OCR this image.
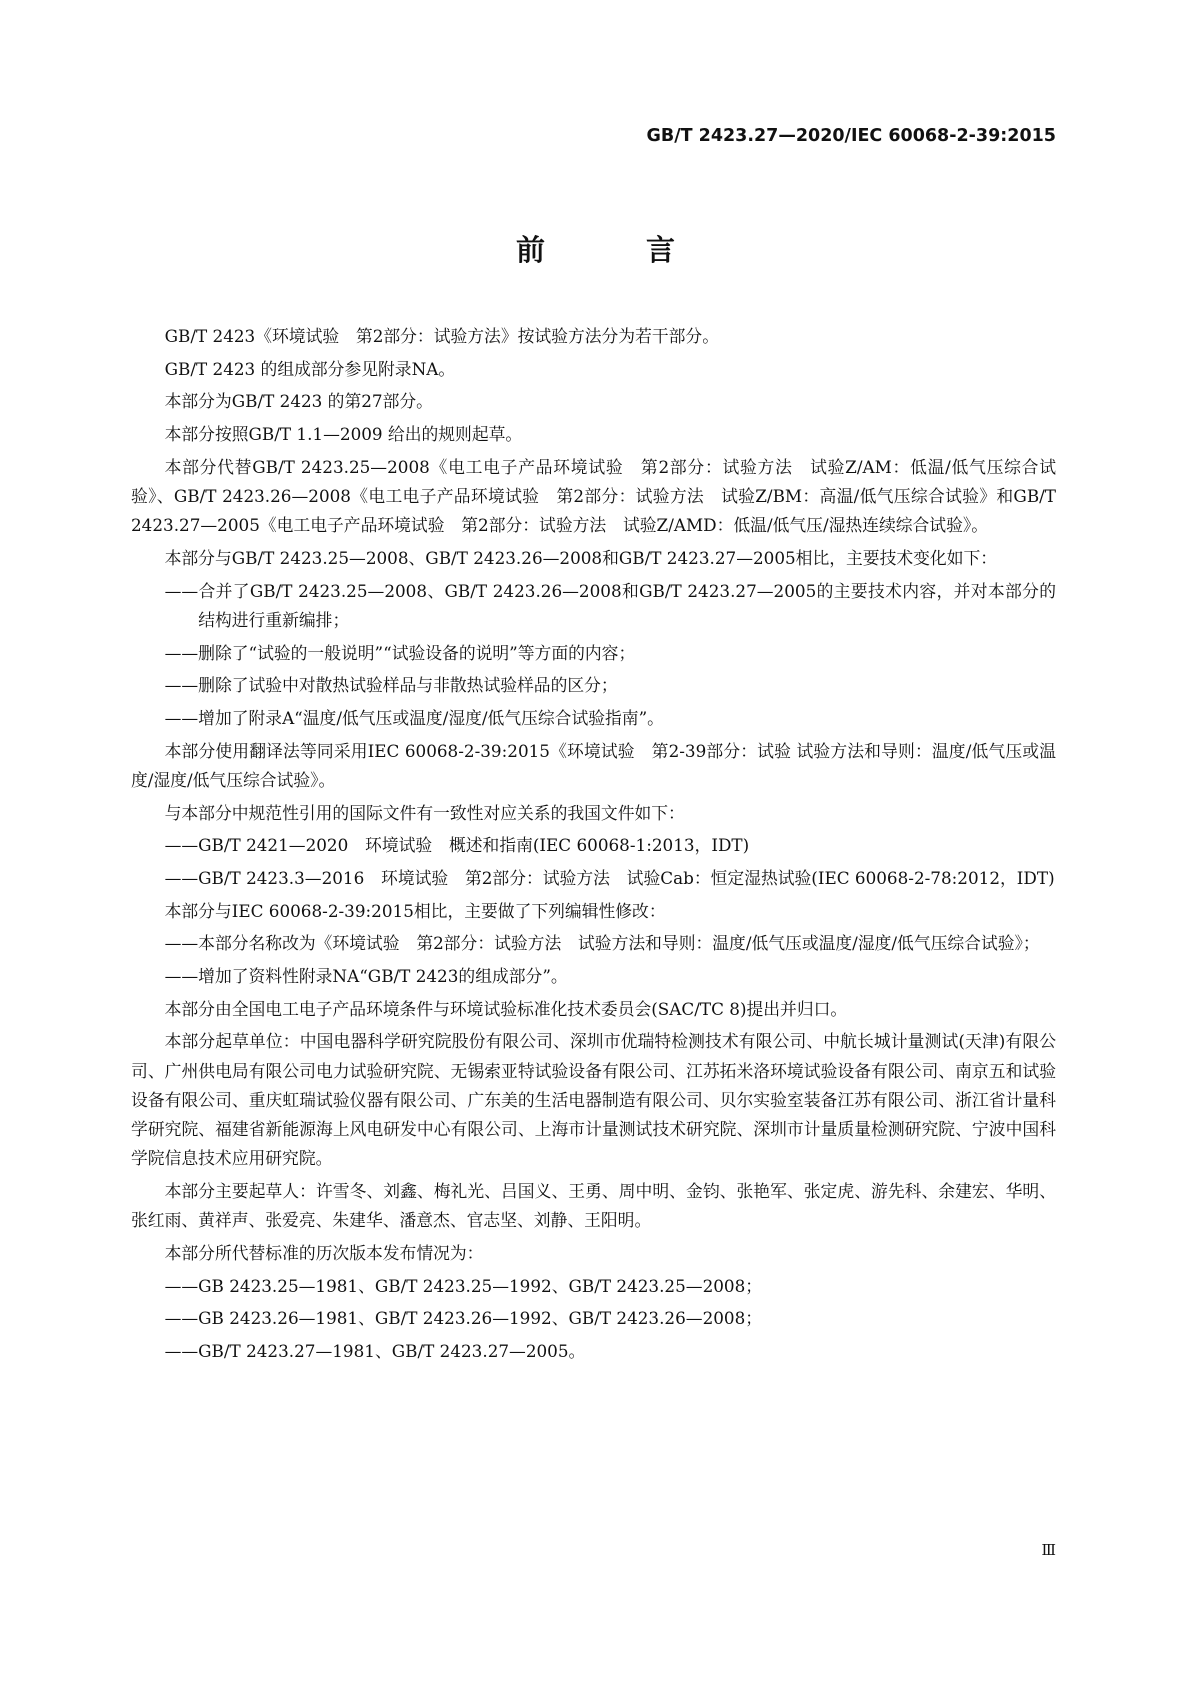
GB/T 2423.27—2020/IEC 60068-2-39:2015
前　言

GB/T 2423《环境试验　第2部分：试验方法》按试验方法分为若干部分。

GB/T 2423 的组成部分参见附录NA。

本部分为GB/T 2423 的第27部分。

本部分按照GB/T 1.1—2009 给出的规则起草。

本部分代替GB/T 2423.25—2008《电工电子产品环境试验　第2部分：试验方法　试验Z/AM：低温/低气压综合试验》、GB/T 2423.26—2008《电工电子产品环境试验　第2部分：试验方法　试验Z/BM：高温/低气压综合试验》和GB/T 2423.27—2005《电工电子产品环境试验　第2部分：试验方法　试验Z/AMD：低温/低气压/湿热连续综合试验》。

本部分与GB/T 2423.25—2008、GB/T 2423.26—2008和GB/T 2423.27—2005相比，主要技术变化如下：

——合并了GB/T 2423.25—2008、GB/T 2423.26—2008和GB/T 2423.27—2005的主要技术内容，并对本部分的结构进行重新编排；

——删除了“试验的一般说明”“试验设备的说明”等方面的内容；

——删除了试验中对散热试验样品与非散热试验样品的区分；

——增加了附录A“温度/低气压或温度/湿度/低气压综合试验指南”。

本部分使用翻译法等同采用IEC 60068-2-39:2015《环境试验　第2-39部分：试验 试验方法和导则：温度/低气压或温度/湿度/低气压综合试验》。

与本部分中规范性引用的国际文件有一致性对应关系的我国文件如下：

——GB/T 2421—2020　环境试验　概述和指南(IEC 60068-1:2013，IDT)

——GB/T 2423.3—2016　环境试验　第2部分：试验方法　试验Cab：恒定湿热试验(IEC 60068-2-78:2012，IDT)

本部分与IEC 60068-2-39:2015相比，主要做了下列编辑性修改：

——本部分名称改为《环境试验　第2部分：试验方法　试验方法和导则：温度/低气压或温度/湿度/低气压综合试验》；

——增加了资料性附录NA“GB/T 2423的组成部分”。

本部分由全国电工电子产品环境条件与环境试验标准化技术委员会(SAC/TC 8)提出并归口。

本部分起草单位：中国电器科学研究院股份有限公司、深圳市优瑞特检测技术有限公司、中航长城计量测试(天津)有限公司、广州供电局有限公司电力试验研究院、无锡索亚特试验设备有限公司、江苏拓米洛环境试验设备有限公司、南京五和试验设备有限公司、重庆虹瑞试验仪器有限公司、广东美的生活电器制造有限公司、贝尔实验室装备江苏有限公司、浙江省计量科学研究院、福建省新能源海上风电研发中心有限公司、上海市计量测试技术研究院、深圳市计量质量检测研究院、宁波中国科学院信息技术应用研究院。

本部分主要起草人：许雪冬、刘鑫、梅礼光、吕国义、王勇、周中明、金钧、张艳军、张定虎、游先科、余建宏、华明、张红雨、黄祥声、张爱亮、朱建华、潘意杰、官志坚、刘静、王阳明。

本部分所代替标准的历次版本发布情况为：

——GB 2423.25—1981、GB/T 2423.25—1992、GB/T 2423.25—2008；

——GB 2423.26—1981、GB/T 2423.26—1992、GB/T 2423.26—2008；

——GB/T 2423.27—1981、GB/T 2423.27—2005。

Ⅲ
